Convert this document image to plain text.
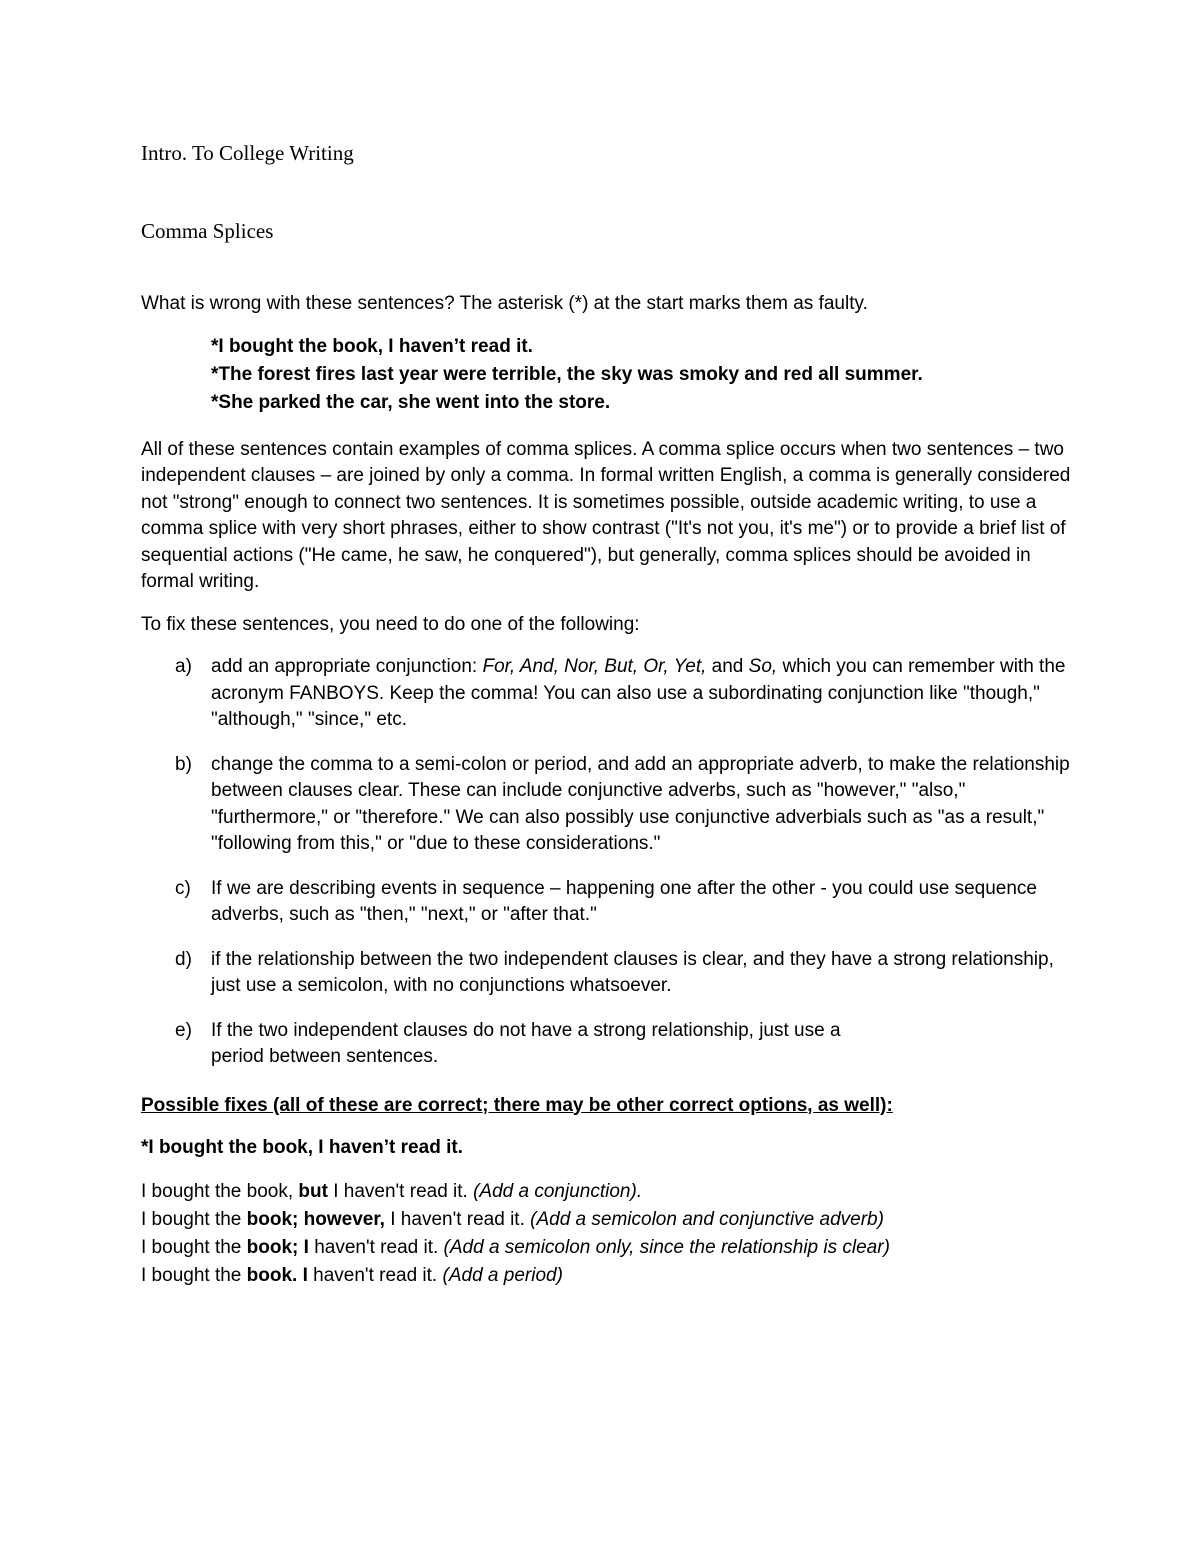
Intro. To College Writing

Comma Splices

What is wrong with these sentences? The asterisk (*) at the start marks them as faulty.

*I bought the book, I haven’t read it.
*The forest fires last year were terrible, the sky was smoky and red all summer.
*She parked the car, she went into the store.

All of these sentences contain examples of comma splices. A comma splice occurs when two sentences – two independent clauses – are joined by only a comma. In formal written English, a comma is generally considered not "strong" enough to connect two sentences. It is sometimes possible, outside academic writing, to use a comma splice with very short phrases, either to show contrast ("It's not you, it's me") or to provide a brief list of sequential actions ("He came, he saw, he conquered"), but generally, comma splices should be avoided in formal writing.

To fix these sentences, you need to do one of the following:

a) add an appropriate conjunction: For, And, Nor, But, Or, Yet, and So, which you can remember with the acronym FANBOYS. Keep the comma! You can also use a subordinating conjunction like "though," "although," "since," etc.
b) change the comma to a semi-colon or period, and add an appropriate adverb, to make the relationship between clauses clear. These can include conjunctive adverbs, such as "however," "also," "furthermore," or "therefore." We can also possibly use conjunctive adverbials such as "as a result," "following from this," or "due to these considerations."
c) If we are describing events in sequence – happening one after the other - you could use sequence adverbs, such as "then," "next," or "after that."
d) if the relationship between the two independent clauses is clear, and they have a strong relationship, just use a semicolon, with no conjunctions whatsoever.
e) If the two independent clauses do not have a strong relationship, just use a
period between sentences.

Possible fixes (all of these are correct; there may be other correct options, as well):

*I bought the book, I haven’t read it.

I bought the book, but I haven't read it. (Add a conjunction).
I bought the book; however, I haven't read it. (Add a semicolon and conjunctive adverb)
I bought the book; I haven't read it. (Add a semicolon only, since the relationship is clear)
I bought the book. I haven't read it. (Add a period)
